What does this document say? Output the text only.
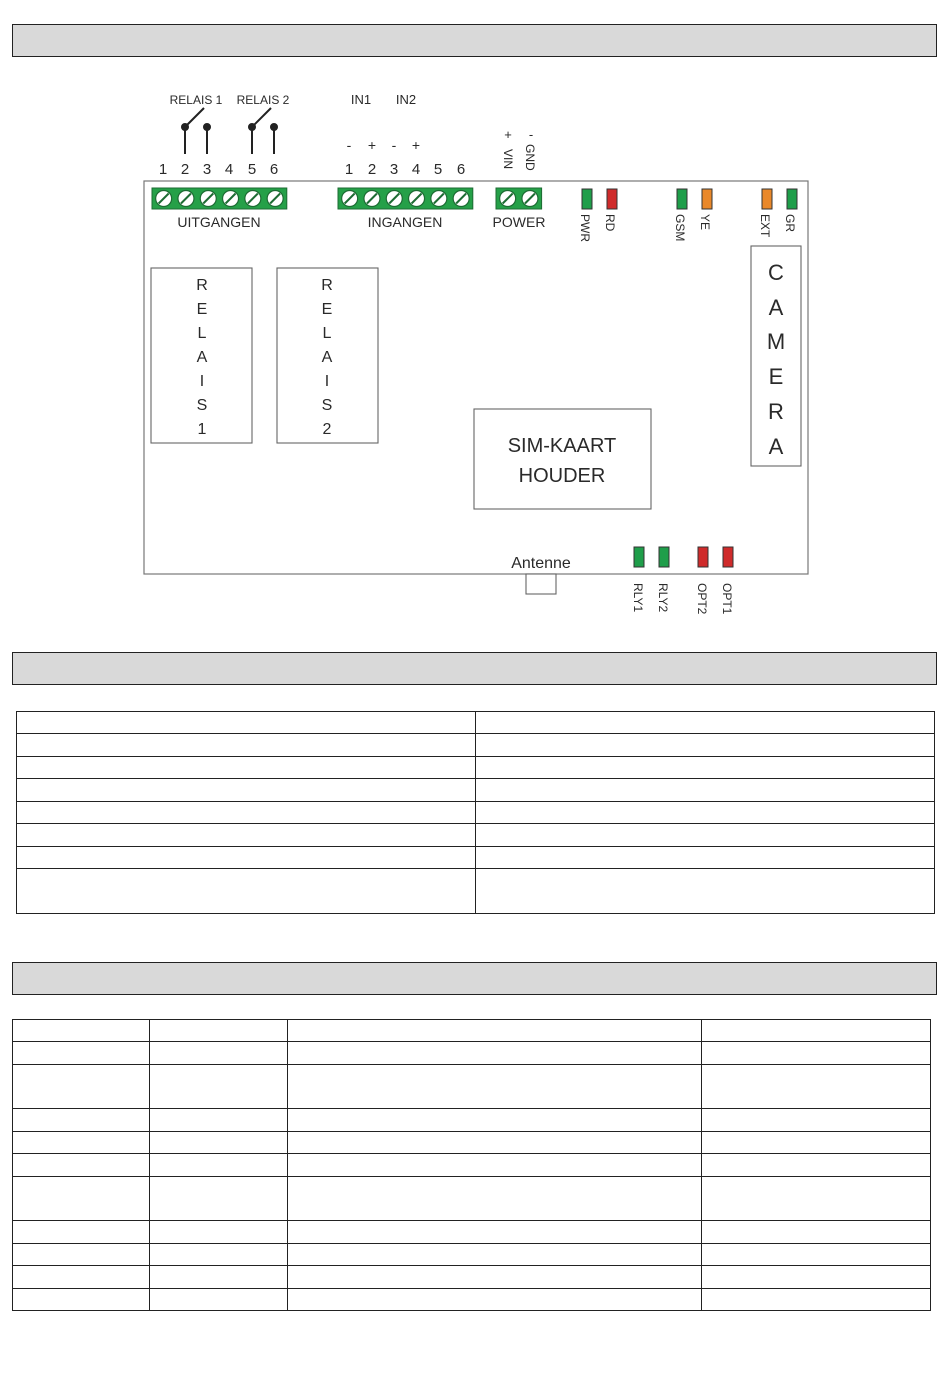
RELAIS 1 RELAIS 2	IN1 IN2
- + - +
1 2 3 4 5 6	1 2 3 4 5 6
+ -
VIN GND
UITGANGEN	INGANGEN	POWER	PWR RD	GSM YE	EXT GR
R
E
L
A
I
S
1
R
E
L
A
I
S
2
C
A
M
E
R
A
SIM-KAART
HOUDER
Antenne
RLY1 RLY2 OPT2 OPT1
